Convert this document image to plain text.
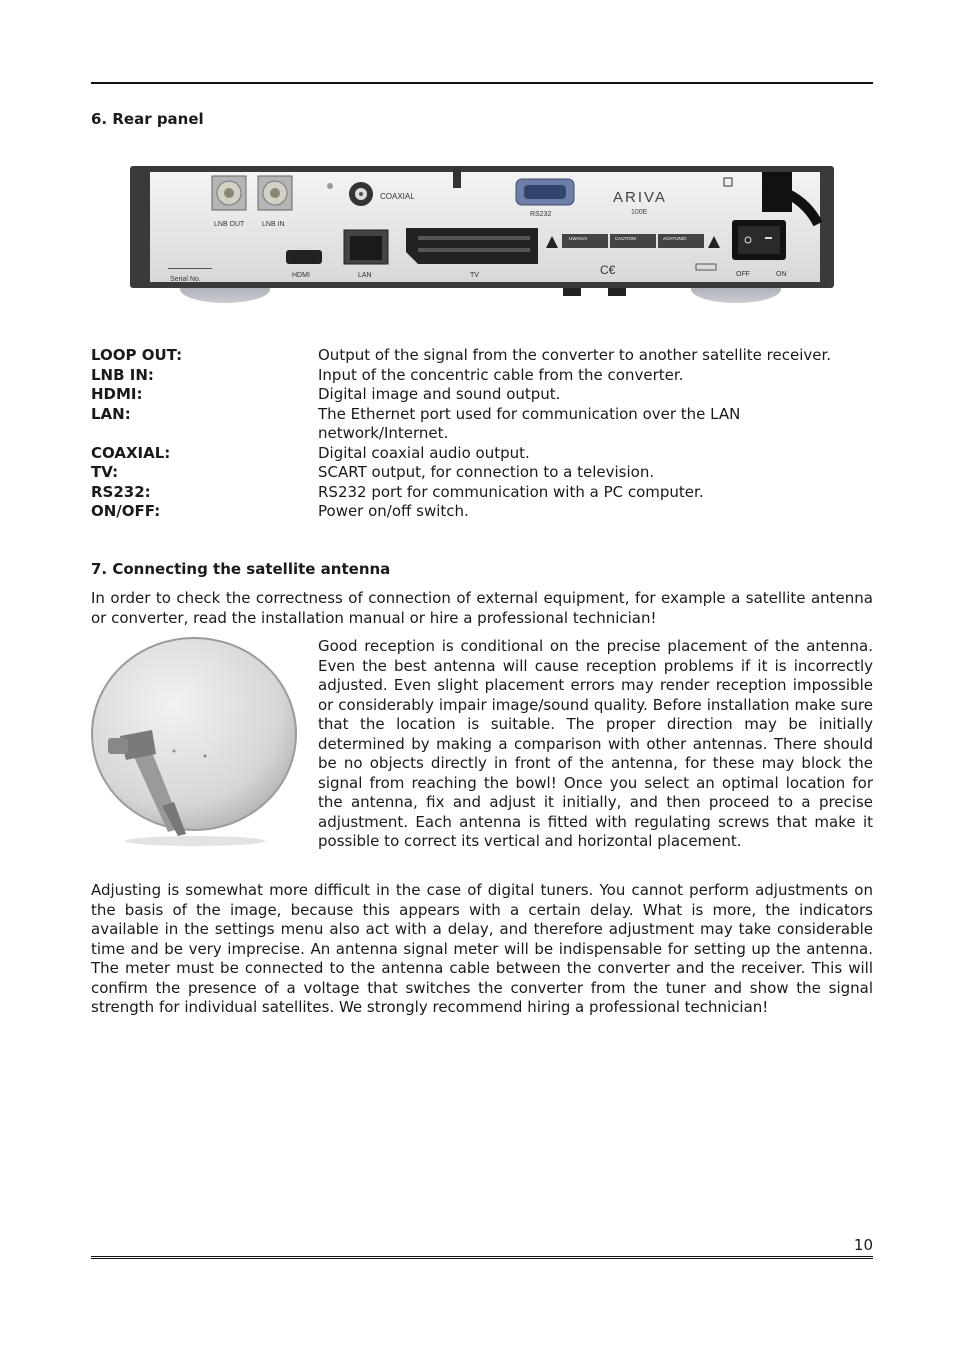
6. Rear panel
LNB OUT	LNB IN
COAXIAL
RS232
ARIVA
100E
HDMI	LAN	TV
UWAGA!	CAUTION!	ACHTUNG!
C€
Serial No.
OFF	ON
LOOP OUT:	Output of the signal from the converter to another satellite receiver.
LNB IN:	Input of the concentric cable from the converter.
HDMI:	Digital image and sound output.
LAN:	The Ethernet port used for communication over the LAN network/Internet.
COAXIAL:	Digital coaxial audio output.
TV:	SCART output, for connection to a television.
RS232:	RS232 port for communication with a PC computer.
ON/OFF:	Power on/off switch.
7. Connecting the satellite antenna

In order to check the correctness of connection of external equipment, for example a satellite antenna or converter, read the installation manual or hire a professional technician!

Good reception is conditional on the precise placement of the antenna. Even the best antenna will cause reception problems if it is incorrectly adjusted. Even slight placement errors may render reception impossible or considerably impair image/sound quality. Before installation make sure that the location is suitable. The proper direction may be initially determined by making a comparison with other antennas. There should be no objects directly in front of the antenna, for these may block the signal from reaching the bowl! Once you select an optimal location for the antenna, fix and adjust it initially, and then proceed to a precise adjustment. Each antenna is fitted with regulating screws that make it possible to correct its vertical and horizontal placement.

Adjusting is somewhat more difficult in the case of digital tuners. You cannot perform adjustments on the basis of the image, because this appears with a certain delay. What is more, the indicators available in the settings menu also act with a delay, and therefore adjustment may take considerable time and be very imprecise. An antenna signal meter will be indispensable for setting up the antenna. The meter must be connected to the antenna cable between the converter and the receiver. This will confirm the presence of a voltage that switches the converter from the tuner and show the signal strength for individual satellites. We strongly recommend hiring a professional technician!

10
